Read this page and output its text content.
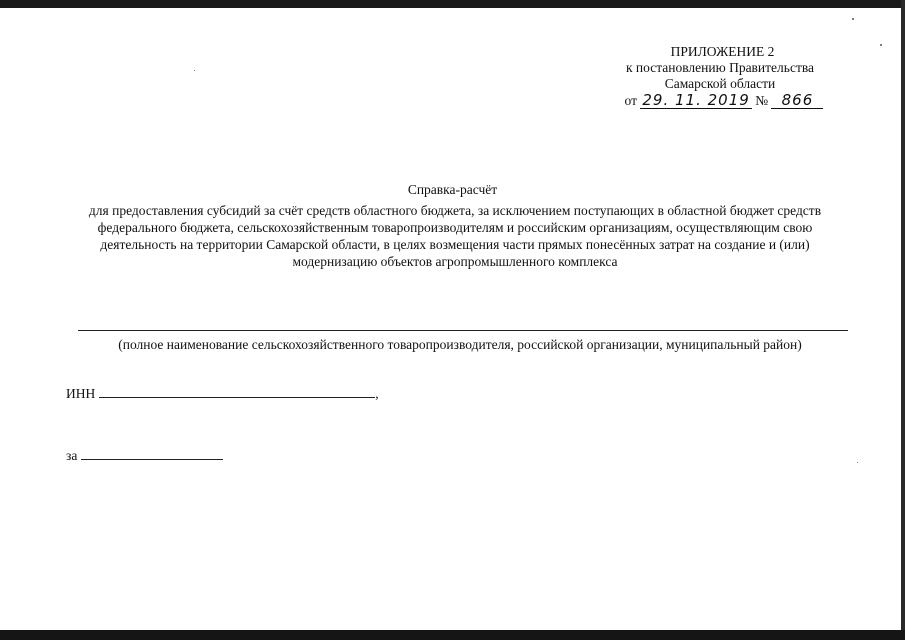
ПРИЛОЖЕНИЕ 2
к постановлению Правительства
Самарской области
от 29. 11. 2019 № 866
Справка-расчёт
для предоставления субсидий за счёт средств областного бюджета, за исключением поступающих в областной бюджет средств федерального бюджета, сельскохозяйственным товаропроизводителям и российским организациям, осуществляющим свою деятельность на территории Самарской области, в целях возмещения части прямых понесённых затрат на создание и (или) модернизацию объектов агропромышленного комплекса
(полное наименование сельскохозяйственного товаропроизводителя, российской организации, муниципальный район)
ИНН	,
за
